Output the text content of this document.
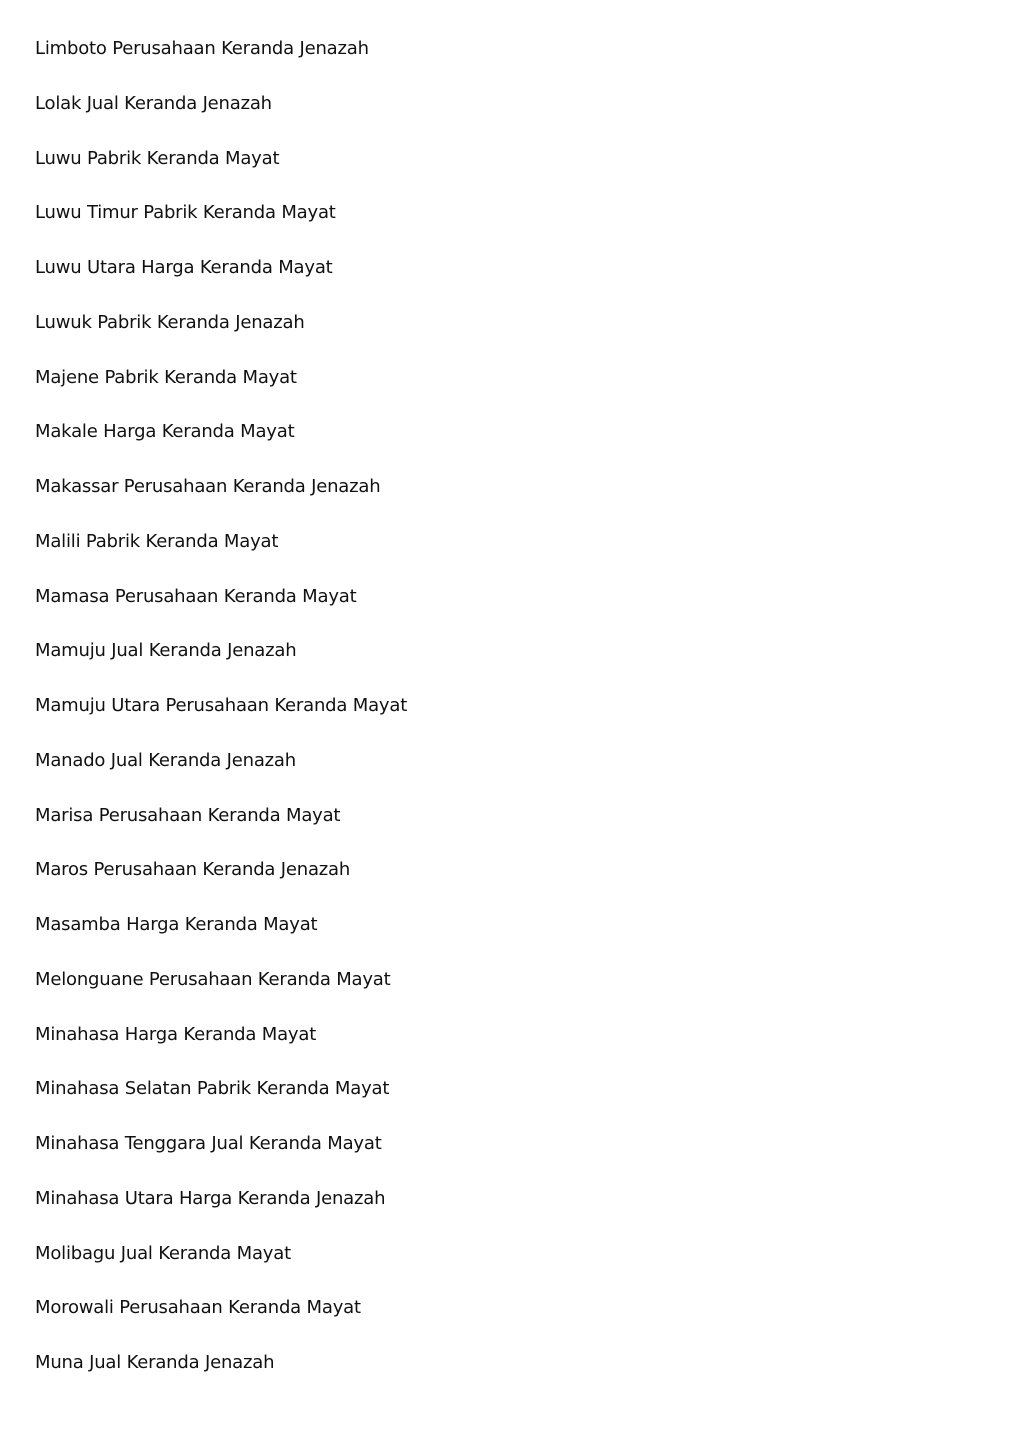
Limboto Perusahaan Keranda Jenazah
Lolak Jual Keranda Jenazah
Luwu Pabrik Keranda Mayat
Luwu Timur Pabrik Keranda Mayat
Luwu Utara Harga Keranda Mayat
Luwuk Pabrik Keranda Jenazah
Majene Pabrik Keranda Mayat
Makale Harga Keranda Mayat
Makassar Perusahaan Keranda Jenazah
Malili Pabrik Keranda Mayat
Mamasa Perusahaan Keranda Mayat
Mamuju Jual Keranda Jenazah
Mamuju Utara Perusahaan Keranda Mayat
Manado Jual Keranda Jenazah
Marisa Perusahaan Keranda Mayat
Maros Perusahaan Keranda Jenazah
Masamba Harga Keranda Mayat
Melonguane Perusahaan Keranda Mayat
Minahasa Harga Keranda Mayat
Minahasa Selatan Pabrik Keranda Mayat
Minahasa Tenggara Jual Keranda Mayat
Minahasa Utara Harga Keranda Jenazah
Molibagu Jual Keranda Mayat
Morowali Perusahaan Keranda Mayat
Muna Jual Keranda Jenazah
